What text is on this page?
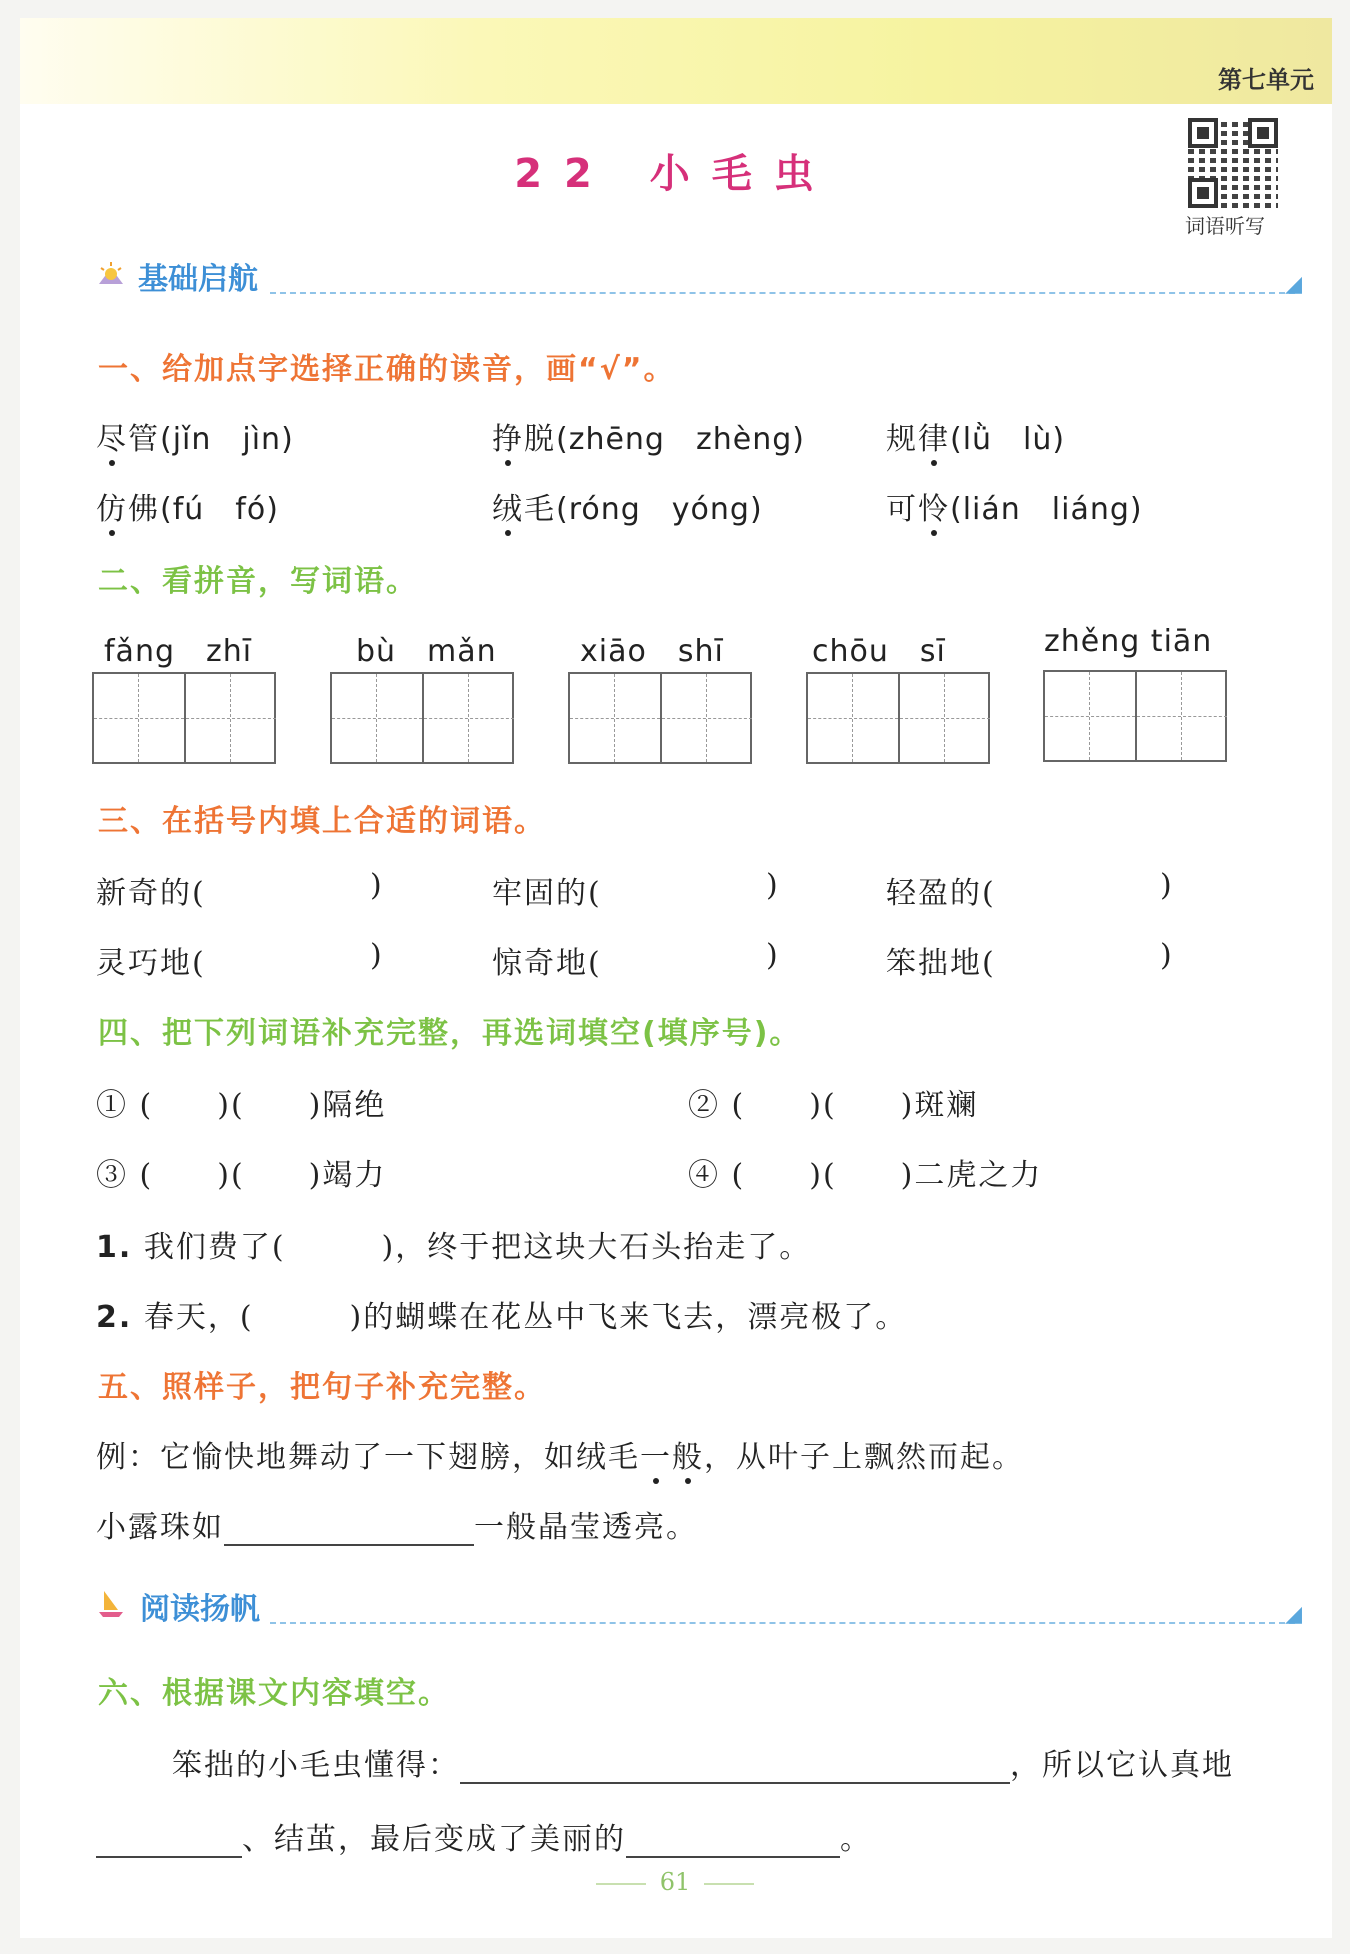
第七单元
词语听写
22 小毛虫
基础启航	◢
一、给加点字选择正确的读音，画“√”。
尽管(jǐn　jìn)	挣脱(zhēng　zhèng)	规律(lǜ　lù)
仿佛(fú　fó)	绒毛(róng　yóng)	可怜(lián　liáng)
二、看拼音，写词语。
fǎng　zhī	bù　mǎn	xiāo　shī	chōu　sī	zhěng tiān
三、在括号内填上合适的词语。
新奇的(	)	牢固的(	)	轻盈的(	)
灵巧地(	)	惊奇地(	)	笨拙地(	)
四、把下列词语补充完整，再选词填空(填序号)。
① (　　)(　　)隔绝	② (　　)(　　)斑斓
③ (　　)(　　)竭力	④ (　　)(　　)二虎之力
1. 我们费了(　　　)，终于把这块大石头抬走了。
2. 春天，(　　　)的蝴蝶在花丛中飞来飞去，漂亮极了。
五、照样子，把句子补充完整。
例：它愉快地舞动了一下翅膀，如绒毛一般，从叶子上飘然而起。
小露珠如	一般晶莹透亮。
阅读扬帆	◢
六、根据课文内容填空。
笨拙的小毛虫懂得：	，所以它认真地
、结茧，最后变成了美丽的	。
61
